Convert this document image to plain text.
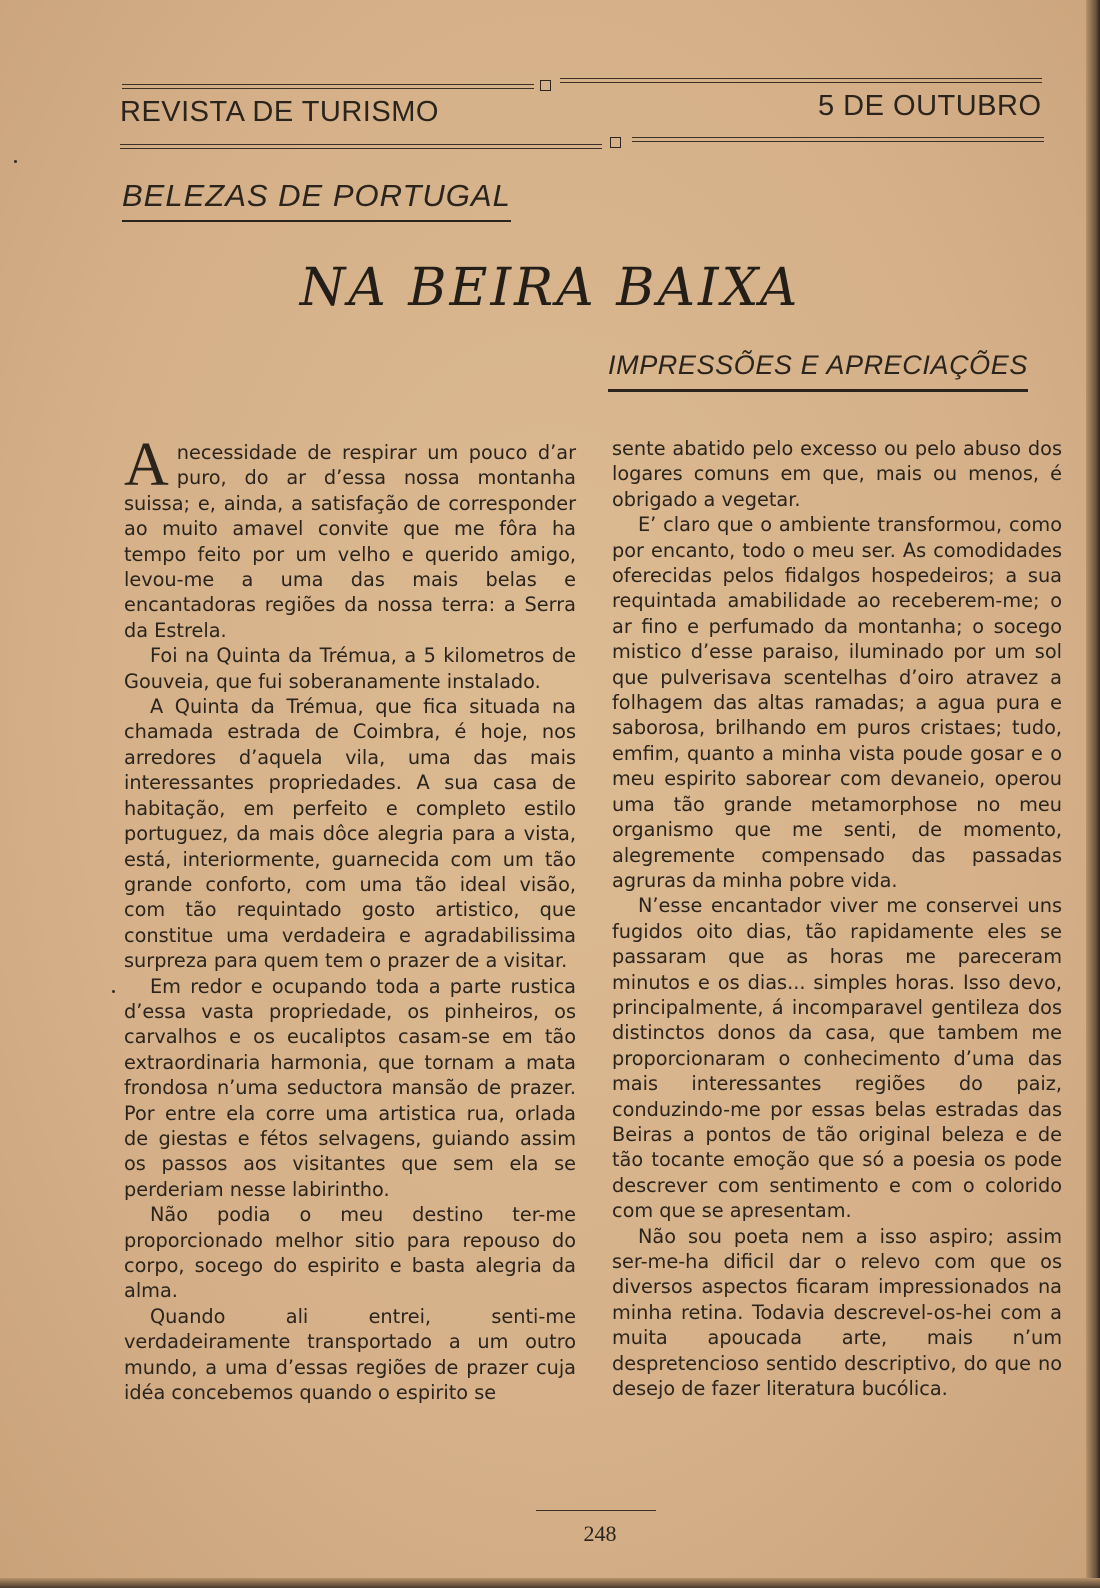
REVISTA DE TURISMO	5 DE OUTUBRO
BELEZAS DE PORTUGAL
NA BEIRA BAIXA
IMPRESSÕES E APRECIAÇÕES

Anecessidade de respirar um pouco d’ar puro, do ar d’essa nossa montanha suissa; e, ainda, a satisfação de corresponder ao muito amavel convite que me fôra ha tempo feito por um velho e querido amigo, levou-me a uma das mais belas e encantadoras regiões da nossa terra: a Serra da Estrela.

Foi na Quinta da Trémua, a 5 kilometros de Gouveia, que fui soberanamente instalado.

A Quinta da Trémua, que fica situada na chamada estrada de Coimbra, é hoje, nos arredores d’aquela vila, uma das mais interessantes propriedades. A sua casa de habitação, em perfeito e completo estilo portuguez, da mais dôce alegria para a vista, está, interiormente, guarnecida com um tão grande conforto, com uma tão ideal visão, com tão requintado gosto artistico, que constitue uma verdadeira e agradabilissima surpreza para quem tem o prazer de a visitar.

Em redor e ocupando toda a parte rustica d’essa vasta propriedade, os pinheiros, os carvalhos e os eucaliptos casam-se em tão extraordinaria harmonia, que tornam a mata frondosa n’uma seductora mansão de prazer. Por entre ela corre uma artistica rua, orlada de giestas e fétos selvagens, guiando assim os passos aos visitantes que sem ela se perderiam nesse labirintho.

Não podia o meu destino ter-me proporcionado melhor sitio para repouso do corpo, socego do espirito e basta alegria da alma.

Quando ali entrei, senti-me verdadeiramente transportado a um outro mundo, a uma d’essas regiões de prazer cuja idéa concebemos quando o espirito se

sente abatido pelo excesso ou pelo abuso dos logares comuns em que, mais ou menos, é obrigado a vegetar.

E’ claro que o ambiente transformou, como por encanto, todo o meu ser. As comodidades oferecidas pelos fidalgos hospedeiros; a sua requintada amabilidade ao receberem-me; o ar fino e perfumado da montanha; o socego mistico d’esse paraiso, iluminado por um sol que pulverisava scentelhas d’oiro atravez a folhagem das altas ramadas; a agua pura e saborosa, brilhando em puros cristaes; tudo, emfim, quanto a minha vista poude gosar e o meu espirito saborear com devaneio, operou uma tão grande metamorphose no meu organismo que me senti, de momento, alegremente compensado das passadas agruras da minha pobre vida.

N’esse encantador viver me conservei uns fugidos oito dias, tão rapidamente eles se passaram que as horas me pareceram minutos e os dias... simples horas. Isso devo, principalmente, á incomparavel gentileza dos distinctos donos da casa, que tambem me proporcionaram o conhecimento d’uma das mais interessantes regiões do paiz, conduzindo-me por essas belas estradas das Beiras a pontos de tão original beleza e de tão tocante emoção que só a poesia os pode descrever com sentimento e com o colorido com que se apresentam.

Não sou poeta nem a isso aspiro; assim ser-me-ha dificil dar o relevo com que os diversos aspectos ficaram impressionados na minha retina. Todavia descrevel-os-hei com a muita apoucada arte, mais n’um despretencioso sentido descriptivo, do que no desejo de fazer literatura bucólica.

248
